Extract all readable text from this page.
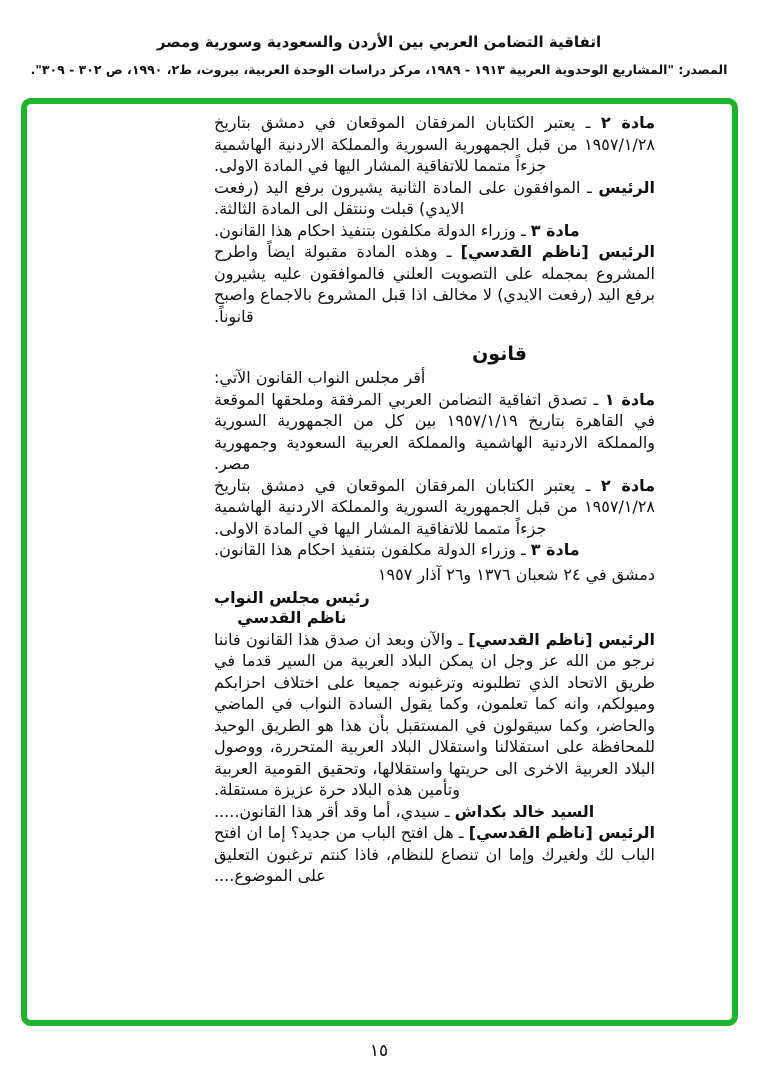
اتفاقية التضامن العربي بين الأردن والسعودية وسورية ومصر
المصدر: "المشاريع الوحدوية العربية ١٩١٣ - ١٩٨٩، مركز دراسات الوحدة العربية، بيروت، ط٢، ١٩٩٠، ص ٣٠٢ - ٣٠٩".

مادة ٢ ـ يعتبر الكتابان المرفقان الموقعان في دمشق بتاريخ ١٩٥٧/١/٢٨ من قبل الجمهورية السورية والمملكة الاردنية الهاشمية جزءاً متمما للاتفاقية المشار اليها في المادة الاولى.

الرئيس ـ الموافقون على المادة الثانية يشيرون برفع اليد (رفعت الايدي) قبلت وننتقل الى المادة الثالثة.

مادة ٣ ـ وزراء الدولة مكلفون بتنفيذ احكام هذا القانون.

الرئيس [ناظم القدسي] ـ وهذه المادة مقبولة ايضاً واطرح المشروع بمجمله على التصويت العلني فالموافقون عليه يشيرون برفع اليد (رفعت الايدي) لا مخالف اذا قبل المشروع بالاجماع واصبح قانوناً.

قانون

أقر مجلس النواب القانون الآتي:

مادة ١ ـ تصدق اتفاقية التضامن العربي المرفقة وملحقها الموقعة في القاهرة بتاريخ ١٩٥٧/١/١٩ بين كل من الجمهورية السورية والمملكة الاردنية الهاشمية والمملكة العربية السعودية وجمهورية مصر.

مادة ٢ ـ يعتبر الكتابان المرفقان الموقعان في دمشق بتاريخ ١٩٥٧/١/٢٨ من قبل الجمهورية السورية والمملكة الاردنية الهاشمية جزءاً متمما للاتفاقية المشار اليها في المادة الاولى.

مادة ٣ ـ وزراء الدولة مكلفون بتنفيذ احكام هذا القانون.

دمشق في ٢٤ شعبان ١٣٧٦ و٢٦ آذار ١٩٥٧
رئيس مجلس النواب
ناظم القدسي

الرئيس [ناظم القدسي] ـ والآن وبعد ان صدق هذا القانون فاننا نرجو من الله عز وجل ان يمكن البلاد العربية من السير قدما في طريق الاتحاد الذي تطلبونه وترغبونه جميعا على اختلاف احزابكم وميولكم، وانه كما تعلمون، وكما يقول السادة النواب في الماضي والحاضر، وكما سيقولون في المستقبل بأن هذا هو الطريق الوحيد للمحافظة على استقلالنا واستقلال البلاد العربية المتحررة، ووصول البلاد العربية الاخرى الى حريتها واستقلالها، وتحقيق القومية العربية وتأمين هذه البلاد حرة عزيزة مستقلة.

السيد خالد بكداش ـ سيدي، أما وقد أقر هذا القانون.....

الرئيس [ناظم القدسي] ـ هل افتح الباب من جديد؟ إما ان افتح الباب لك ولغيرك وإما ان تنصاع للنظام، فاذا كنتم ترغبون التعليق على الموضوع....

١٥
